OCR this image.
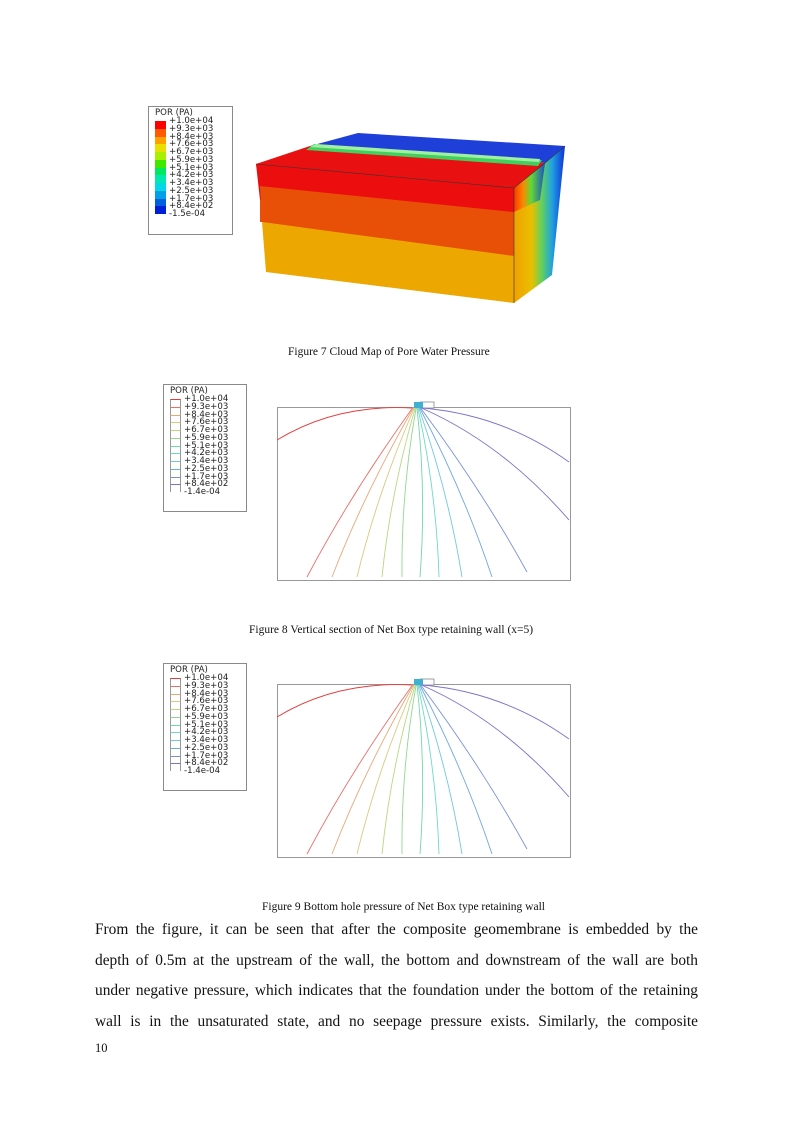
POR (PA)
+1.0e+04
+9.3e+03
+8.4e+03
+7.6e+03
+6.7e+03
+5.9e+03
+5.1e+03
+4.2e+03
+3.4e+03
+2.5e+03
+1.7e+03
+8.4e+02
-1.5e-04
Figure 7 Cloud Map of Pore Water Pressure
POR (PA)
+1.0e+04
+9.3e+03
+8.4e+03
+7.6e+03
+6.7e+03
+5.9e+03
+5.1e+03
+4.2e+03
+3.4e+03
+2.5e+03
+1.7e+03
+8.4e+02
-1.4e-04
Figure 8 Vertical section of Net Box type retaining wall (x=5)
POR (PA)
+1.0e+04
+9.3e+03
+8.4e+03
+7.6e+03
+6.7e+03
+5.9e+03
+5.1e+03
+4.2e+03
+3.4e+03
+2.5e+03
+1.7e+03
+8.4e+02
-1.4e-04
Figure 9 Bottom hole pressure of Net Box type retaining wall
From the figure, it can be seen that after the composite geomembrane is embedded by the
depth of 0.5m at the upstream of the wall, the bottom and downstream of the wall are both
under negative pressure, which indicates that the foundation under the bottom of the retaining
wall is in the unsaturated state, and no seepage pressure exists. Similarly, the composite
10
